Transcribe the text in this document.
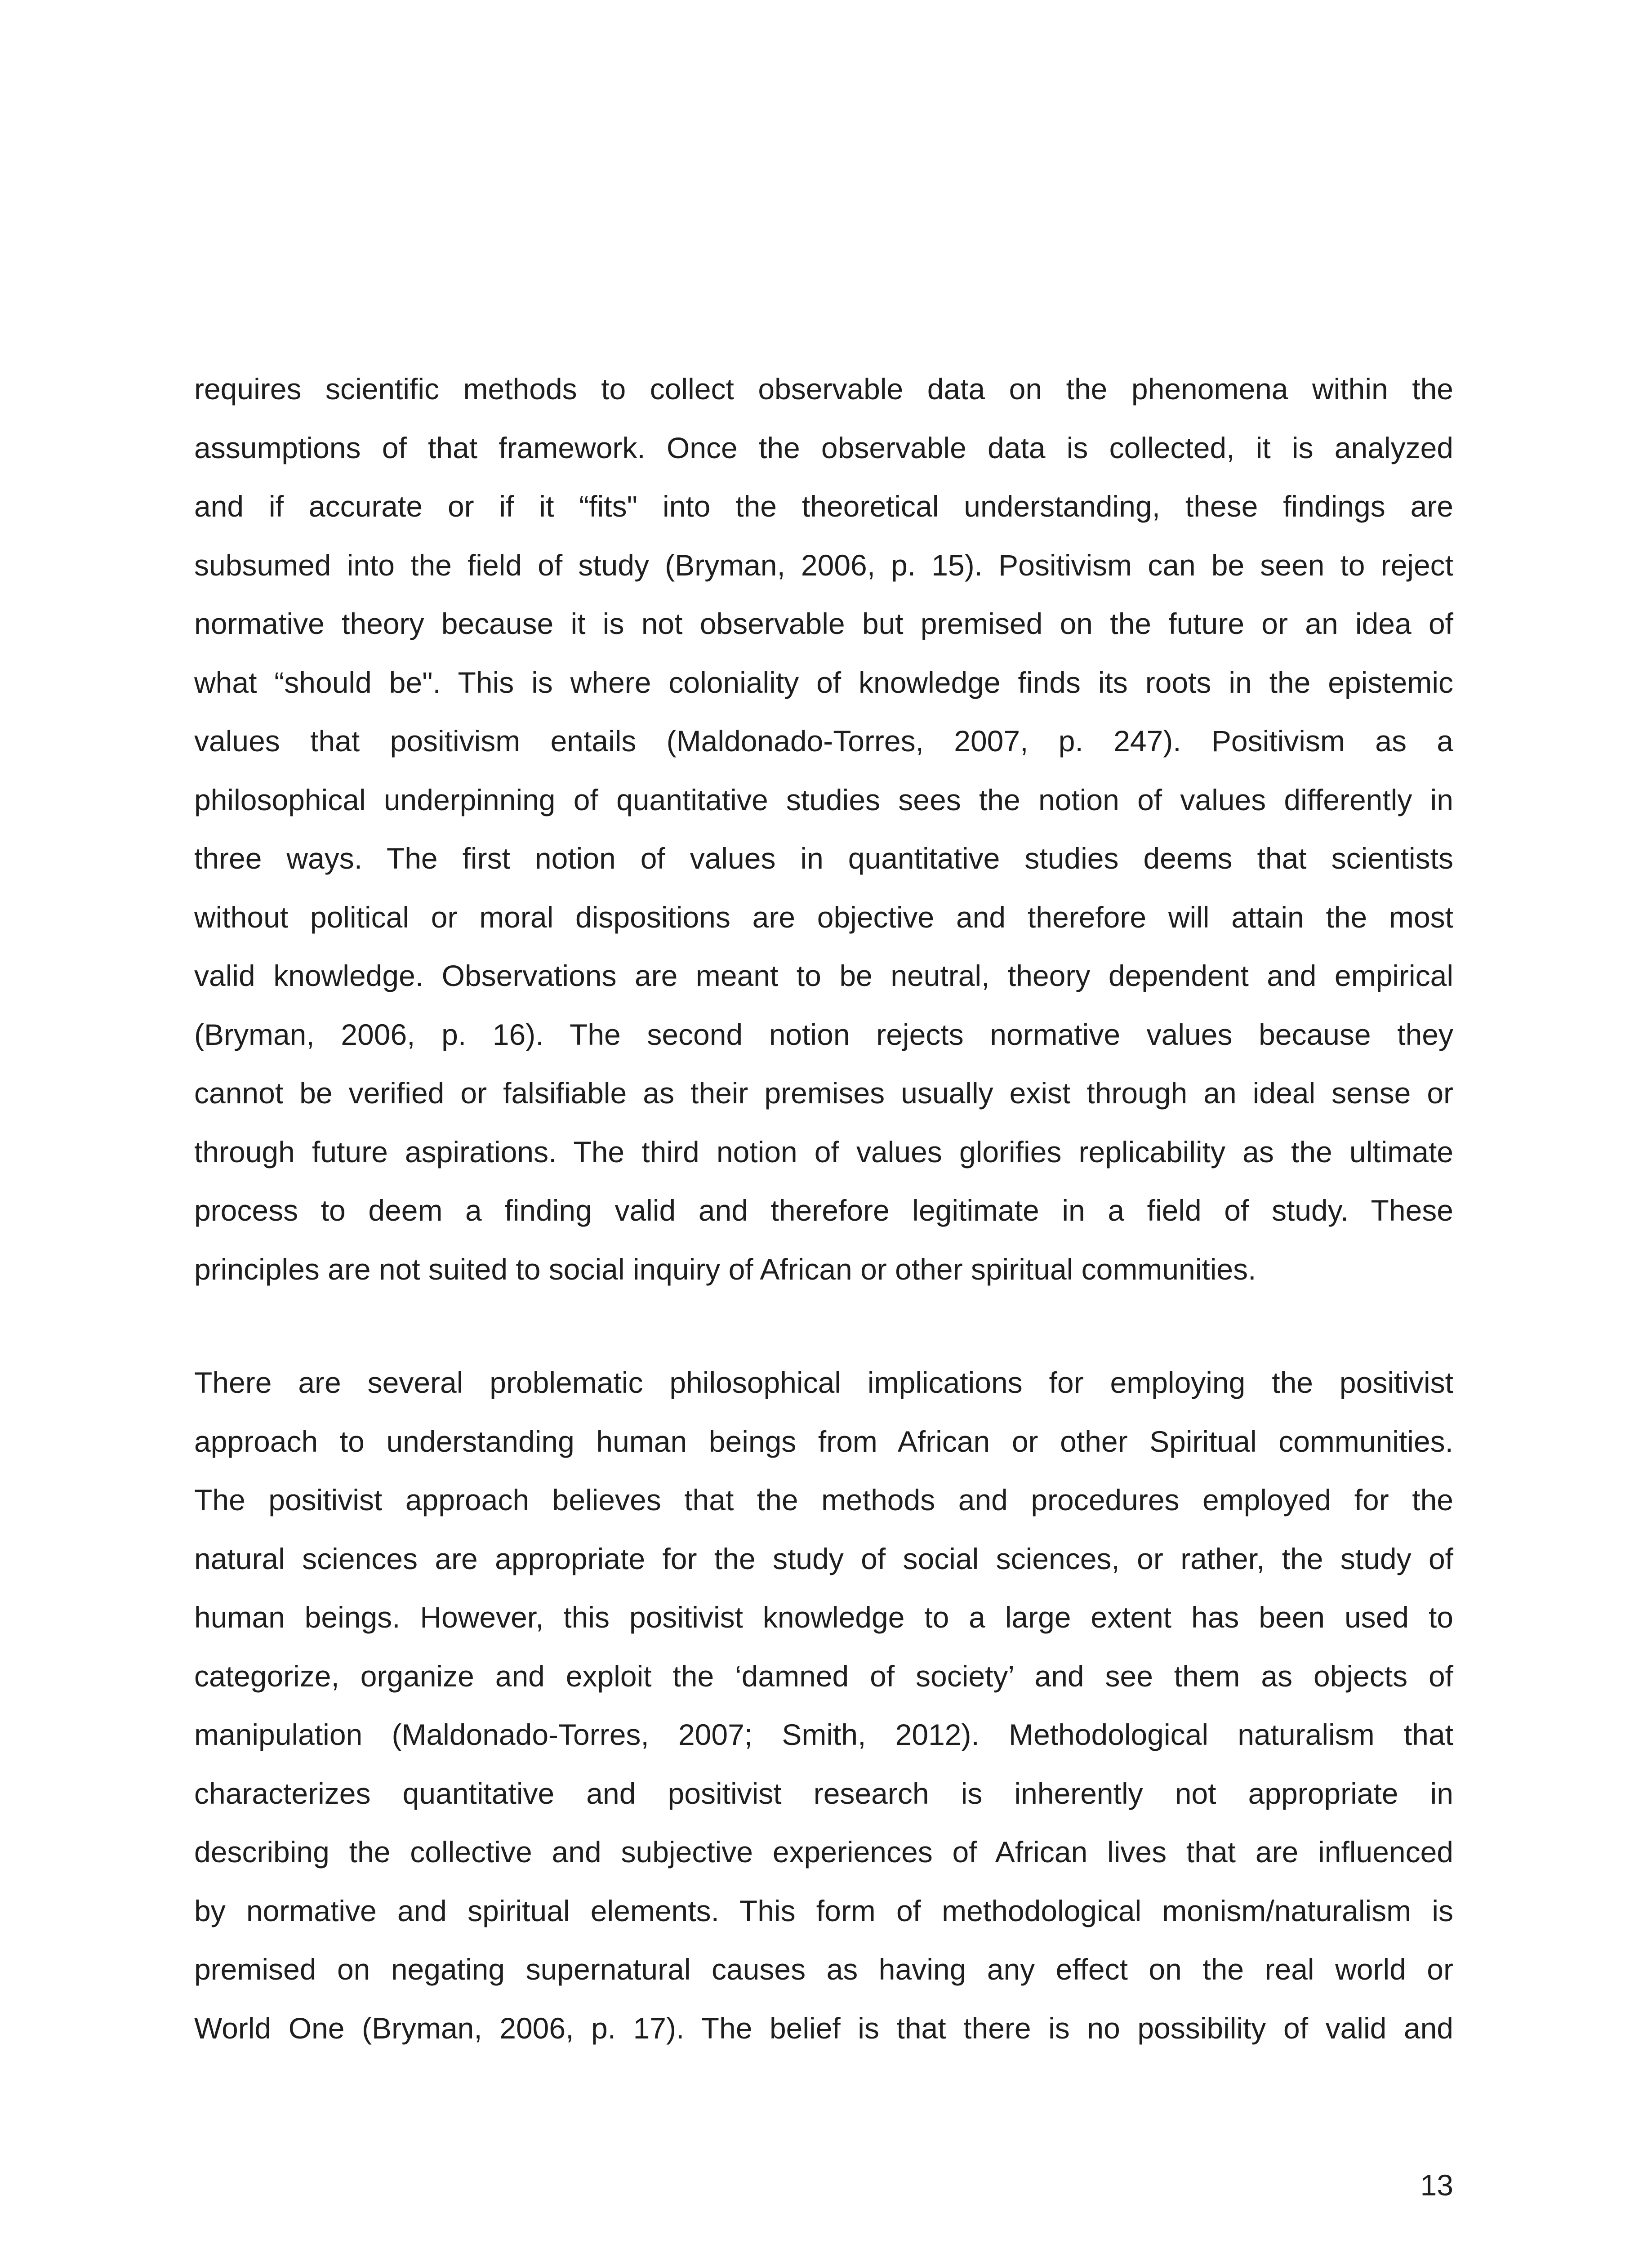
requires scientific methods to collect observable data on the phenomena within the
assumptions of that framework. Once the observable data is collected, it is analyzed
and if accurate or if it “fits" into the theoretical understanding, these findings are
subsumed into the field of study (Bryman, 2006, p. 15). Positivism can be seen to reject
normative theory because it is not observable but premised on the future or an idea of
what “should be". This is where coloniality of knowledge finds its roots in the epistemic
values that positivism entails (Maldonado-Torres, 2007, p. 247). Positivism as a
philosophical underpinning of quantitative studies sees the notion of values differently in
three ways. The first notion of values in quantitative studies deems that scientists
without political or moral dispositions are objective and therefore will attain the most
valid knowledge. Observations are meant to be neutral, theory dependent and empirical
(Bryman, 2006, p. 16). The second notion rejects normative values because they
cannot be verified or falsifiable as their premises usually exist through an ideal sense or
through future aspirations. The third notion of values glorifies replicability as the ultimate
process to deem a finding valid and therefore legitimate in a field of study. These
principles are not suited to social inquiry of African or other spiritual communities.
There are several problematic philosophical implications for employing the positivist
approach to understanding human beings from African or other Spiritual communities.
The positivist approach believes that the methods and procedures employed for the
natural sciences are appropriate for the study of social sciences, or rather, the study of
human beings. However, this positivist knowledge to a large extent has been used to
categorize, organize and exploit the ‘damned of society’ and see them as objects of
manipulation (Maldonado-Torres, 2007; Smith, 2012). Methodological naturalism that
characterizes quantitative and positivist research is inherently not appropriate in
describing the collective and subjective experiences of African lives that are influenced
by normative and spiritual elements. This form of methodological monism/naturalism is
premised on negating supernatural causes as having any effect on the real world or
World One (Bryman, 2006, p. 17). The belief is that there is no possibility of valid and
13
